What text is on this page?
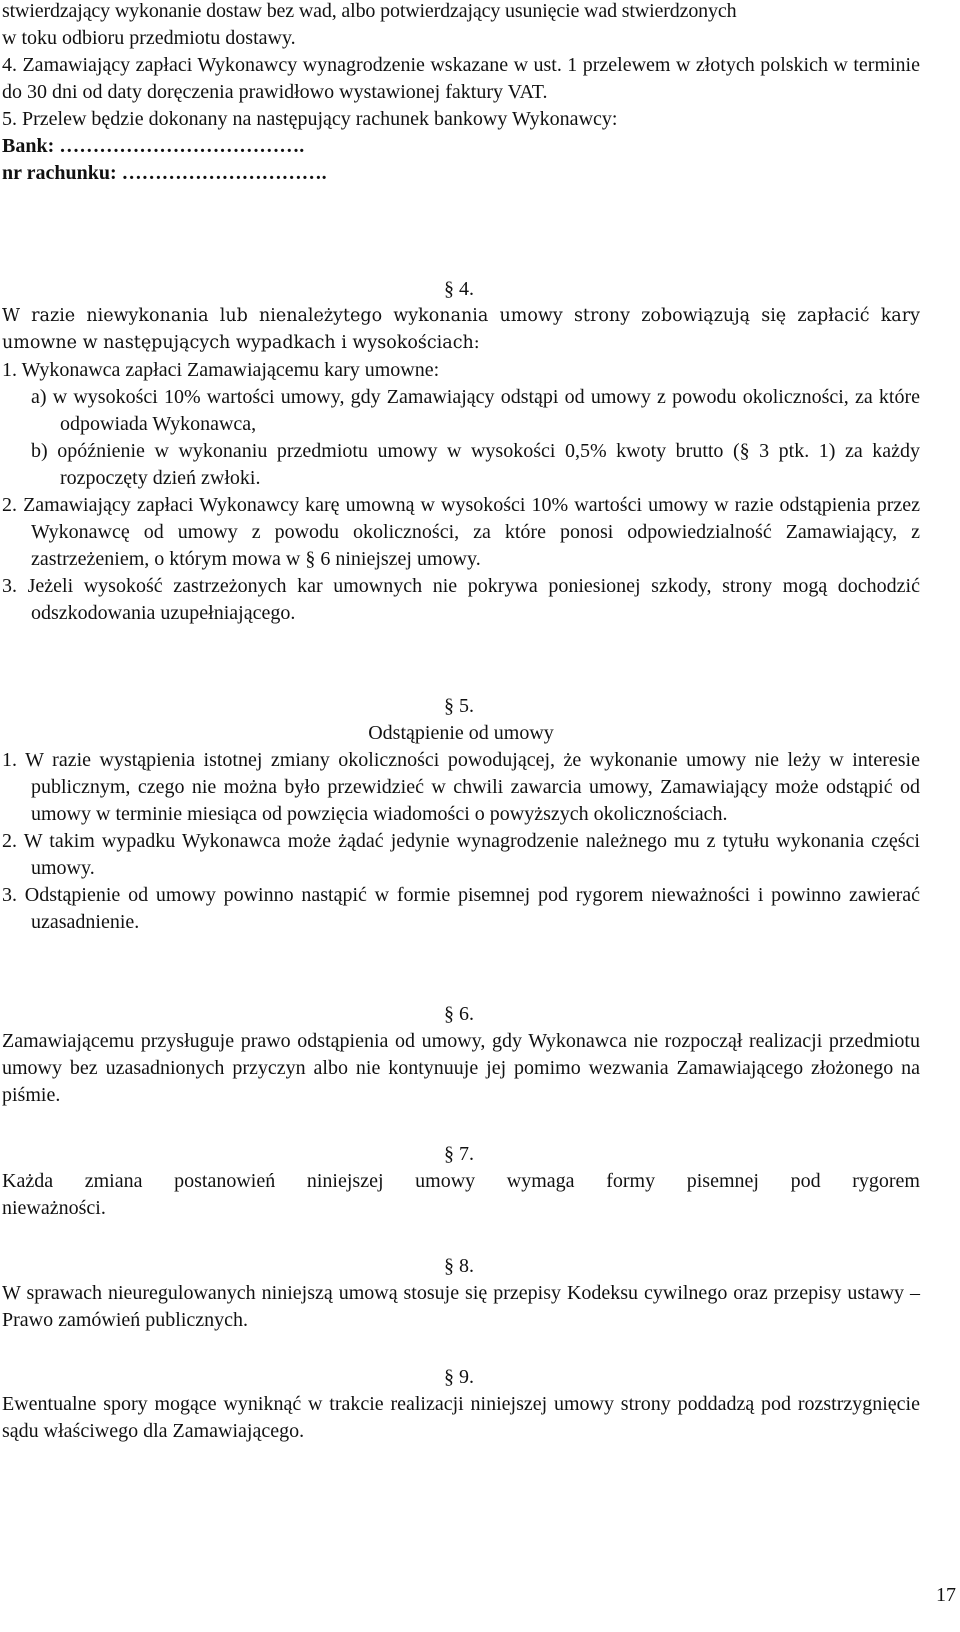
stwierdzający wykonanie dostaw bez wad, albo potwierdzający usunięcie wad stwierdzonych

w toku odbioru przedmiotu dostawy.

4. Zamawiający zapłaci Wykonawcy wynagrodzenie wskazane w ust. 1 przelewem w złotych polskich w terminie do 30 dni od daty doręczenia prawidłowo wystawionej faktury VAT.

5. Przelew będzie dokonany na następujący rachunek bankowy Wykonawcy:

Bank: ……………………………….

nr rachunku: ………………………….

§ 4.

W razie niewykonania lub nienależytego wykonania umowy strony zobowiązują się zapłacić kary umowne w następujących wypadkach i wysokościach:

1. Wykonawca zapłaci Zamawiającemu kary umowne:

a) w wysokości 10% wartości umowy, gdy Zamawiający odstąpi od umowy z powodu okoliczności, za które odpowiada Wykonawca,

b) opóźnienie w wykonaniu przedmiotu umowy w wysokości 0,5% kwoty brutto (§ 3 ptk. 1) za każdy rozpoczęty dzień zwłoki.

2. Zamawiający zapłaci Wykonawcy karę umowną w wysokości 10% wartości umowy w razie odstąpienia przez Wykonawcę od umowy z powodu okoliczności, za które ponosi odpowiedzialność Zamawiający, z zastrzeżeniem, o którym mowa w § 6 niniejszej umowy.

3. Jeżeli wysokość zastrzeżonych kar umownych nie pokrywa poniesionej szkody, strony mogą dochodzić odszkodowania uzupełniającego.

§ 5.

Odstąpienie od umowy

1. W razie wystąpienia istotnej zmiany okoliczności powodującej, że wykonanie umowy nie leży w interesie publicznym, czego nie można było przewidzieć w chwili zawarcia umowy, Zamawiający może odstąpić od umowy w terminie miesiąca od powzięcia wiadomości o powyższych okolicznościach.

2. W takim wypadku Wykonawca może żądać jedynie wynagrodzenie należnego mu z tytułu wykonania części umowy.

3. Odstąpienie od umowy powinno nastąpić w formie pisemnej pod rygorem nieważności i powinno zawierać uzasadnienie.

§ 6.

Zamawiającemu przysługuje prawo odstąpienia od umowy, gdy Wykonawca nie rozpoczął realizacji przedmiotu umowy bez uzasadnionych przyczyn albo nie kontynuuje jej pomimo wezwania Zamawiającego złożonego na piśmie.

§ 7.

Każda zmiana postanowień niniejszej umowy wymaga formy pisemnej pod rygorem nieważności.

§ 8.

W sprawach nieuregulowanych niniejszą umową stosuje się przepisy Kodeksu cywilnego oraz przepisy ustawy – Prawo zamówień publicznych.

§ 9.

Ewentualne spory mogące wyniknąć w trakcie realizacji niniejszej umowy strony poddadzą pod rozstrzygnięcie sądu właściwego dla Zamawiającego.

17
